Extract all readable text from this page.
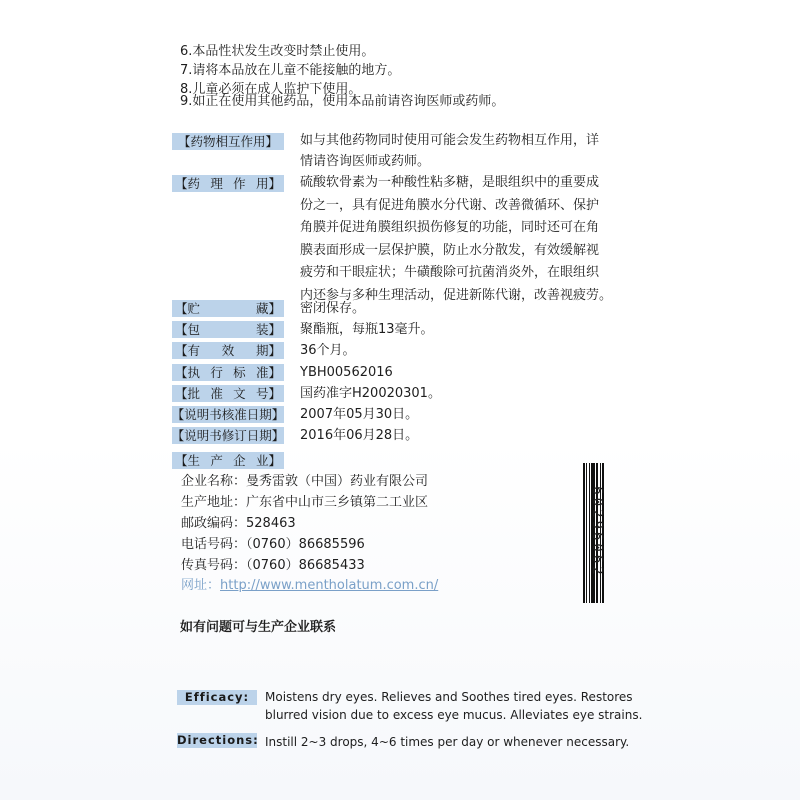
6.本品性状发生改变时禁止使用。
7.请将本品放在儿童不能接触的地方。
8.儿童必须在成人监护下使用。
9.如正在使用其他药品，使用本品前请咨询医师或药师。
【药物相互作用】 如与其他药物同时使用可能会发生药物相互作用，详
情请咨询医师或药师。
【药 理 作 用】 硫酸软骨素为一种酸性粘多糖，是眼组织中的重要成
份之一，具有促进角膜水分代谢、改善微循环、保护
角膜并促进角膜组织损伤修复的功能，同时还可在角
膜表面形成一层保护膜，防止水分散发，有效缓解视
疲劳和干眼症状；牛磺酸除可抗菌消炎外，在眼组织
内还参与多种生理活动，促进新陈代谢，改善视疲劳。
【贮	藏】 密闭保存。
【包	装】 聚酯瓶，每瓶13毫升。
【有 效 期】 36个月。
【执 行 标 准】 YBH00562016
【批 准 文 号】 国药准字H20020301。
【说明书核准日期】 2007年05月30日。
【说明书修订日期】 2016年06月28日。
【生 产 企 业】
企业名称：曼秀雷敦（中国）药业有限公司
生产地址：广东省中山市三乡镇第二工业区
邮政编码：528463
电话号码：（0760）86685596
传真号码：（0760）86685433
网址：http://www.mentholatum.com.cn/
60296062
如有问题可与生产企业联系
Efficacy:	Moistens dry eyes. Relieves and Soothes tired eyes. Restores
blurred vision due to excess eye mucus. Alleviates eye strains.
Directions: Instill 2~3 drops, 4~6 times per day or whenever necessary.
